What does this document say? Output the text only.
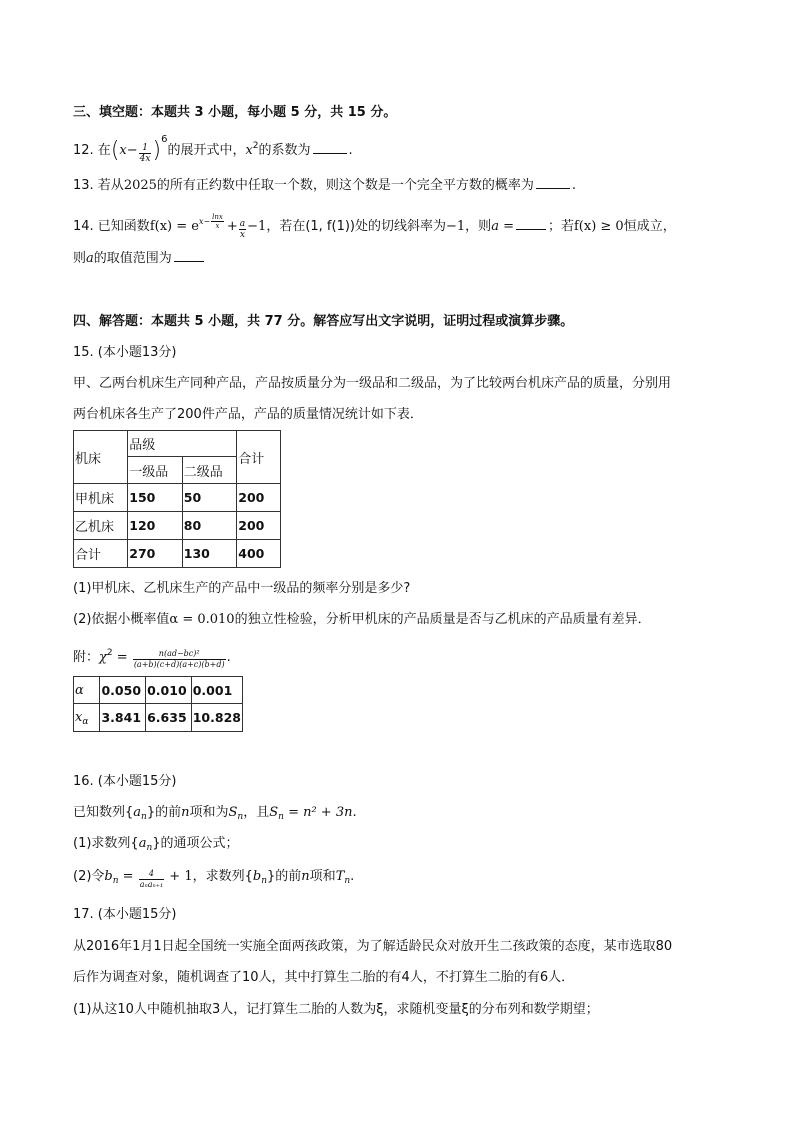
三、填空题：本题共 3 小题，每小题 5 分，共 15 分。
12. 在$(x- \frac{1}{4x} )^6$的展开式中，$x^2$的系数为	.
13. 若从2025的所有正约数中任取一个数，则这个数是一个完全平方数的概率为	.
14. 已知函数$f(x) = e^{x- \frac{\ln x}{x}} + \frac{a}{x} -1$，若在(1, f(1))处的切线斜率为−1，则a =	；若f(x) ≥ 0恒成立，
则a的取值范围为
四、解答题：本题共 5 小题，共 77 分。解答应写出文字说明，证明过程或演算步骤。
15. (本小题13分)
甲、乙两台机床生产同种产品，产品按质量分为一级品和二级品，为了比较两台机床产品的质量，分别用
两台机床各生产了200件产品，产品的质量情况统计如下表．
机床	品级		合计
	一级品	二级品	
甲机床	150	50	200
乙机床	120	80	200
合计	270	130	400
(1)甲机床、乙机床生产的产品中一级品的频率分别是多少?
(2)依据小概率值α = 0.010的独立性检验，分析甲机床的产品质量是否与乙机床的产品质量有差异．
附：$\chi^2 = \frac{\text{n(ad−bc)²}}{(a+b)(c+d)(a+c)(b+d)}$ .
α	0.050	0.010	0.001
$x_\alpha$	3.841	6.635	10.828
16. (本小题15分)
已知数列$\{a_n\}$的前n项和为$S_n$，且$S_n = n^2 + 3n$.
(1)求数列$\{a_n\}$的通项公式；
(2)令$b_n = \frac{4}{\text{aₙaₙ₊₁}} + 1$，求数列$\{b_n\}$的前n项和$T_n$.
17. (本小题15分)
从2016年1月1日起全国统一实施全面两孩政策，为了解适龄民众对放开生二孩政策的态度，某市选取80
后作为调查对象，随机调查了10人，其中打算生二胎的有4人，不打算生二胎的有6人．
(1)从这10人中随机抽取3人，记打算生二胎的人数为ξ，求随机变量ξ的分布列和数学期望；
